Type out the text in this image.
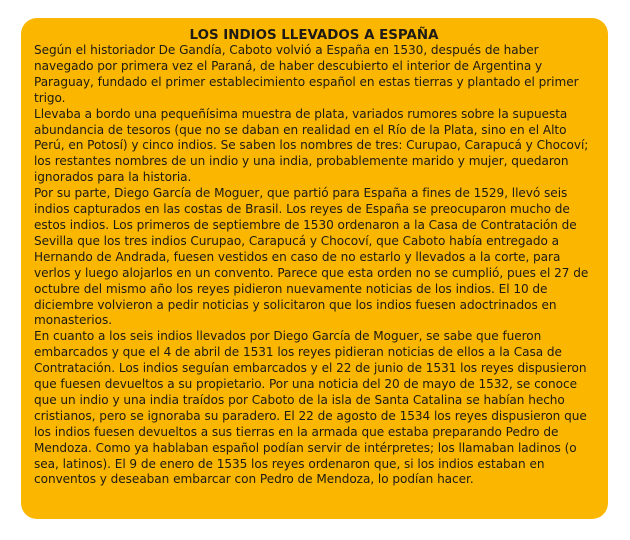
LOS INDIOS LLEVADOS A ESPAÑA

Según el historiador De Gandía, Caboto volvió a España en 1530, después de haber navegado por primera vez el Paraná, de haber descubierto el interior de Argentina y Paraguay, fundado el primer establecimiento español en estas tierras y plantado el primer trigo.

Llevaba a bordo una pequeñísima muestra de plata, variados rumores sobre la supuesta abundancia de tesoros (que no se daban en realidad en el Río de la Plata, sino en el Alto Perú, en Potosí) y cinco indios. Se saben los nombres de tres: Curupao, Carapucá y Chocoví; los restantes nombres de un indio y una india, probablemente marido y mujer, quedaron ignorados para la historia.

Por su parte, Diego García de Moguer, que partió para España a fines de 1529, llevó seis indios capturados en las costas de Brasil. Los reyes de España se preocuparon mucho de estos indios. Los primeros de septiembre de 1530 ordenaron a la Casa de Contratación de Sevilla que los tres indios Curupao, Carapucá y Chocoví, que Caboto había entregado a Hernando de Andrada, fuesen vestidos en caso de no estarlo y llevados a la corte, para verlos y luego alojarlos en un convento. Parece que esta orden no se cumplió, pues el 27 de octubre del mismo año los reyes pidieron nuevamente noticias de los indios. El 10 de diciembre volvieron a pedir noticias y solicitaron que los indios fuesen adoctrinados en monasterios.

En cuanto a los seis indios llevados por Diego García de Moguer, se sabe que fueron embarcados y que el 4 de abril de 1531 los reyes pidieran noticias de ellos a la Casa de Contratación. Los indios seguían embarcados y el 22 de junio de 1531 los reyes dispusieron que fuesen devueltos a su propietario. Por una noticia del 20 de mayo de 1532, se conoce que un indio y una india traídos por Caboto de la isla de Santa Catalina se habían hecho cristianos, pero se ignoraba su paradero. El 22 de agosto de 1534 los reyes dispusieron que los indios fuesen devueltos a sus tierras en la armada que estaba preparando Pedro de Mendoza. Como ya hablaban español podían servir de intérpretes; los llamaban ladinos (o sea, latinos). El 9 de enero de 1535 los reyes ordenaron que, si los indios estaban en conventos y deseaban embarcar con Pedro de Mendoza, lo podían hacer.
